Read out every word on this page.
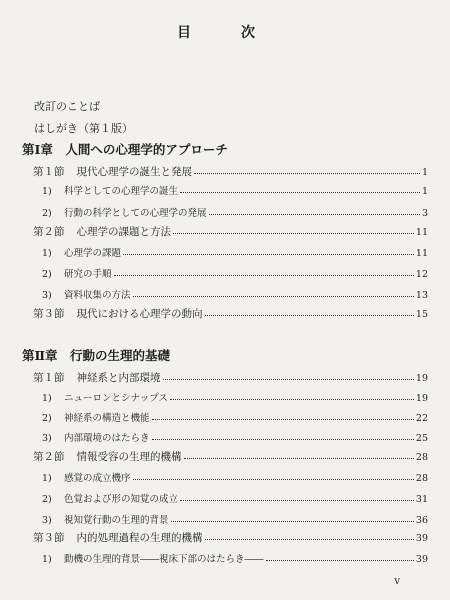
目　次
改訂のことば
はしがき（第１版）
第Ⅰ章　人間への心理学的アプローチ
第１節 現代心理学の誕生と発展	1
1)	科学としての心理学の誕生	1
2)	行動の科学としての心理学の発展	3
第２節 心理学の課題と方法	11
1)	心理学の課題	11
2)	研究の手順	12
3)	資料収集の方法	13
第３節 現代における心理学の動向	15
第Ⅱ章　行動の生理的基礎
第１節 神経系と内部環境	19
1)	ニューロンとシナップス	19
2)	神経系の構造と機能	22
3)	内部環境のはたらき	25
第２節 情報受容の生理的機構	28
1)	感覚の成立機序	28
2)	色覚および形の知覚の成立	31
3)	視知覚行動の生理的背景	36
第３節 内的処理過程の生理的機構	39
1)	動機の生理的背景――視床下部のはたらき――	39
v
